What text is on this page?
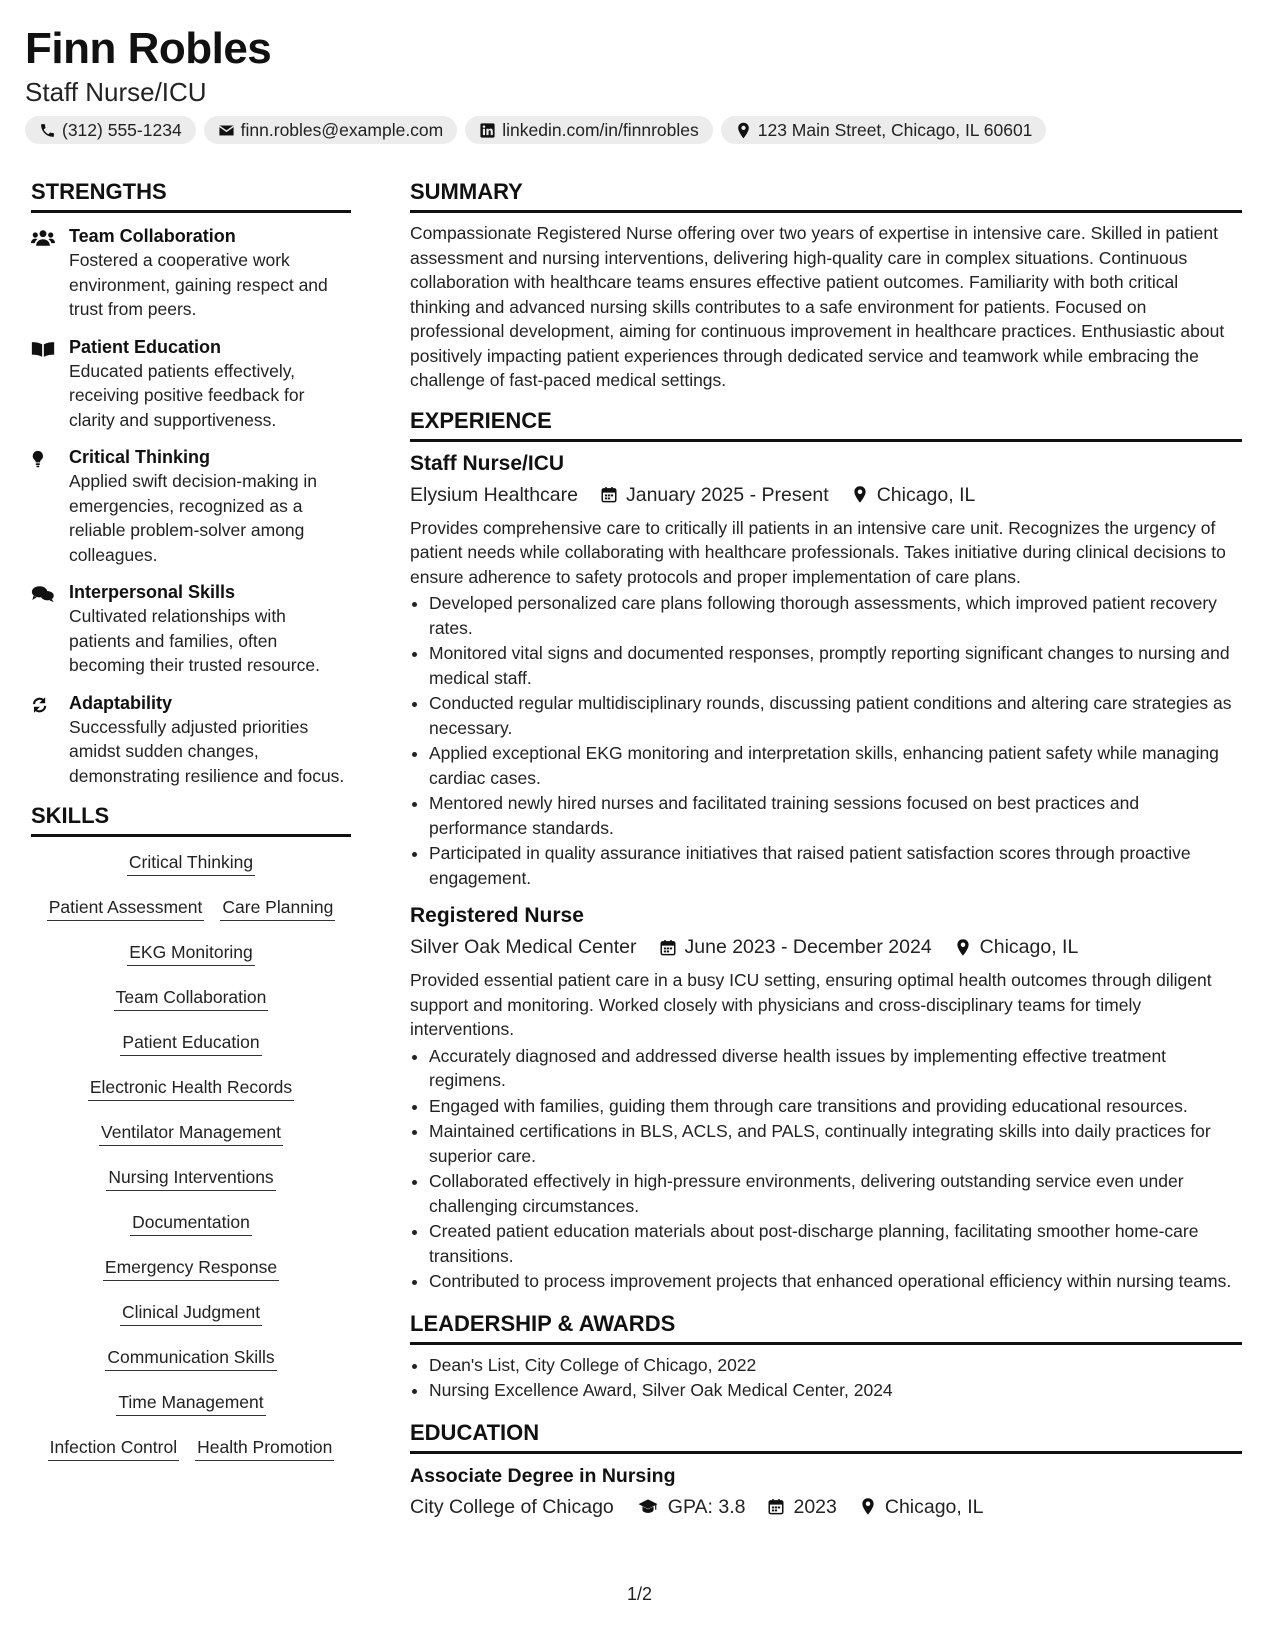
Finn Robles
Staff Nurse/ICU
(312) 555-1234	finn.robles@example.com	linkedin.com/in/finnrobles	123 Main Street, Chicago, IL 60601
STRENGTHS
Team Collaboration
Fostered a cooperative work environment, gaining respect and trust from peers.
Patient Education
Educated patients effectively, receiving positive feedback for clarity and supportiveness.
Critical Thinking
Applied swift decision-making in emergencies, recognized as a reliable problem-solver among colleagues.
Interpersonal Skills
Cultivated relationships with patients and families, often becoming their trusted resource.
Adaptability
Successfully adjusted priorities amidst sudden changes, demonstrating resilience and focus.
SKILLS
Critical Thinking
Patient Assessment Care Planning
EKG Monitoring
Team Collaboration
Patient Education
Electronic Health Records
Ventilator Management
Nursing Interventions
Documentation
Emergency Response
Clinical Judgment
Communication Skills
Time Management
Infection Control Health Promotion
SUMMARY
Compassionate Registered Nurse offering over two years of expertise in intensive care. Skilled in patient assessment and nursing interventions, delivering high-quality care in complex situations. Continuous collaboration with healthcare teams ensures effective patient outcomes. Familiarity with both critical thinking and advanced nursing skills contributes to a safe environment for patients. Focused on professional development, aiming for continuous improvement in healthcare practices. Enthusiastic about positively impacting patient experiences through dedicated service and teamwork while embracing the challenge of fast-paced medical settings.
EXPERIENCE
Staff Nurse/ICU
Elysium Healthcare January 2025 - Present Chicago, IL
Provides comprehensive care to critically ill patients in an intensive care unit. Recognizes the urgency of patient needs while collaborating with healthcare professionals. Takes initiative during clinical decisions to ensure adherence to safety protocols and proper implementation of care plans.
• Developed personalized care plans following thorough assessments, which improved patient recovery rates.
• Monitored vital signs and documented responses, promptly reporting significant changes to nursing and medical staff.
• Conducted regular multidisciplinary rounds, discussing patient conditions and altering care strategies as necessary.
• Applied exceptional EKG monitoring and interpretation skills, enhancing patient safety while managing cardiac cases.
• Mentored newly hired nurses and facilitated training sessions focused on best practices and performance standards.
• Participated in quality assurance initiatives that raised patient satisfaction scores through proactive engagement.
Registered Nurse
Silver Oak Medical Center June 2023 - December 2024 Chicago, IL
Provided essential patient care in a busy ICU setting, ensuring optimal health outcomes through diligent support and monitoring. Worked closely with physicians and cross-disciplinary teams for timely interventions.
• Accurately diagnosed and addressed diverse health issues by implementing effective treatment regimens.
• Engaged with families, guiding them through care transitions and providing educational resources.
• Maintained certifications in BLS, ACLS, and PALS, continually integrating skills into daily practices for superior care.
• Collaborated effectively in high-pressure environments, delivering outstanding service even under challenging circumstances.
• Created patient education materials about post-discharge planning, facilitating smoother home-care transitions.
• Contributed to process improvement projects that enhanced operational efficiency within nursing teams.
LEADERSHIP & AWARDS
• Dean's List, City College of Chicago, 2022
• Nursing Excellence Award, Silver Oak Medical Center, 2024
EDUCATION
Associate Degree in Nursing
City College of Chicago	GPA: 3.8 2023 Chicago, IL
1/2
